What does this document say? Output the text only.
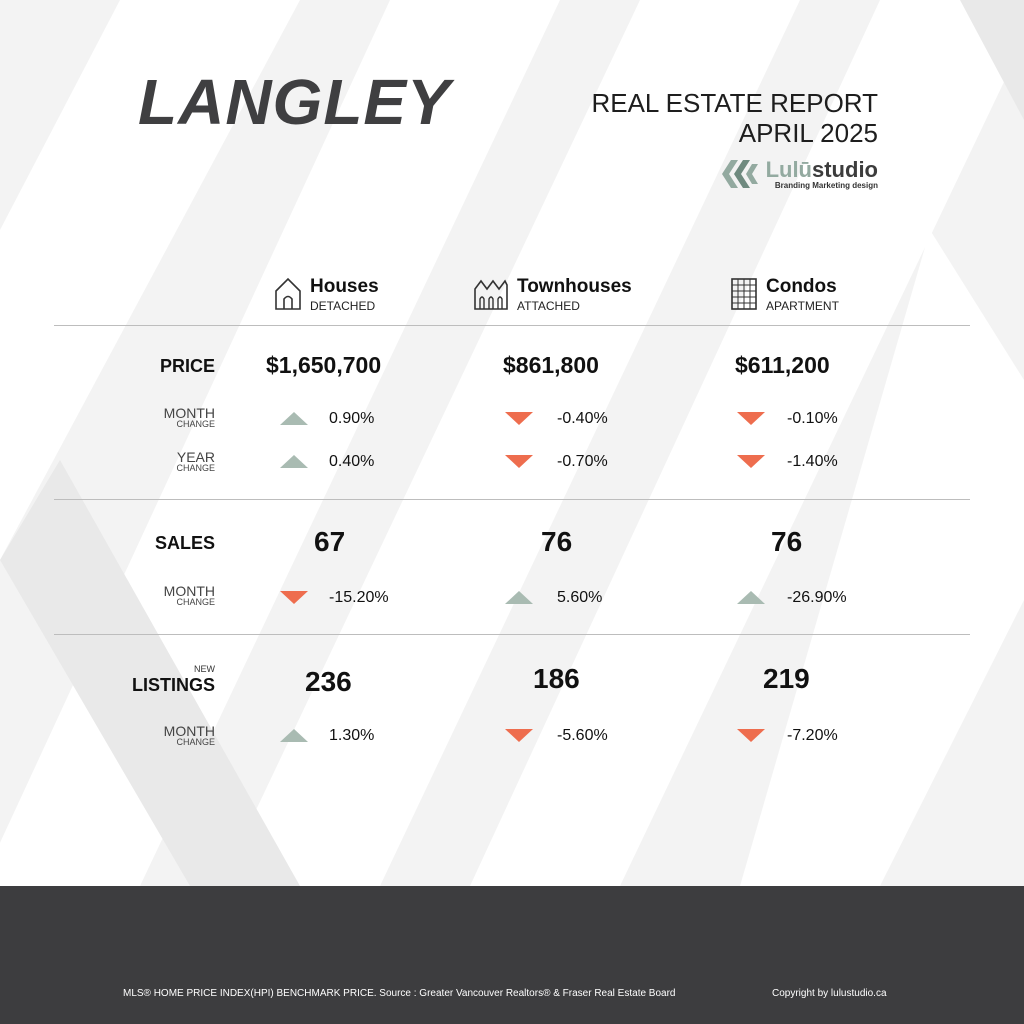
LANGLEY	REAL ESTATE REPORT
APRIL 2025
Lulūstudio
Branding Marketing design
Houses
DETACHED
Townhouses
ATTACHED
Condos
APARTMENT
PRICE $1,650,700	$861,800	$611,200
MONTH
CHANGE	0.90%	-0.40%	-0.10%
YEAR
CHANGE	0.40%	-0.70%	-1.40%
SALES	67	76	76
MONTH
CHANGE	-15.20%	5.60%	-26.90%
NEW
LISTINGS	236	186	219
MONTH
CHANGE	1.30%	-5.60%	-7.20%
MLS® HOME PRICE INDEX(HPI) BENCHMARK PRICE. Source : Greater Vancouver Realtors® & Fraser Real Estate Board	Copyright by lulustudio.ca
